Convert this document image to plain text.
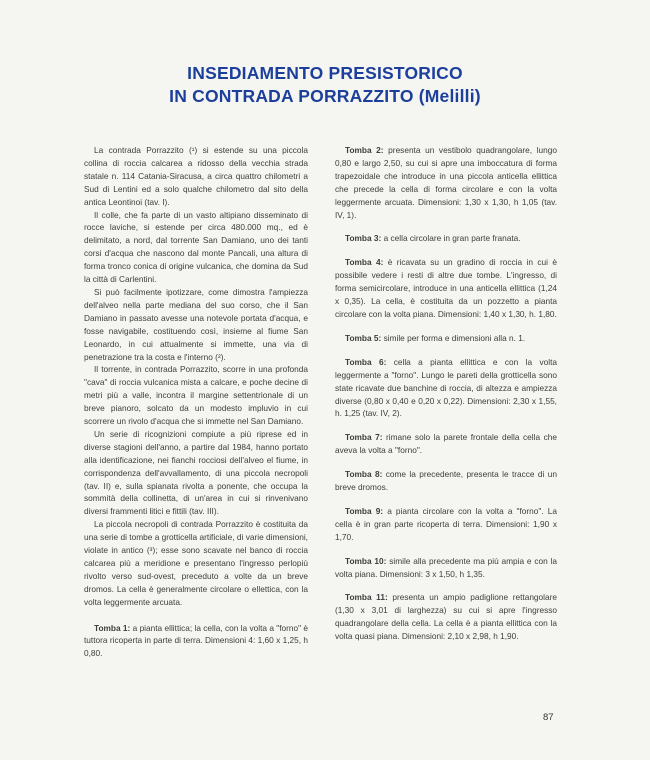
INSEDIAMENTO PRESISTORICO
IN CONTRADA PORRAZZITO (Melilli)

La contrada Porrazzito (¹) si estende su una piccola collina di roccia calcarea a ridosso della vecchia strada statale n. 114 Catania-Siracusa, a circa quattro chilometri a Sud di Lentini ed a solo qualche chilometro dal sito della antica Leontinoi (tav. I).

Il colle, che fa parte di un vasto altipiano disseminato di rocce laviche, si estende per circa 480.000 mq., ed è delimitato, a nord, dal torrente San Damiano, uno dei tanti corsi d'acqua che nascono dal monte Pancali, una altura di forma tronco conica di origine vulcanica, che domina da Sud la città di Carlentini.

Si può facilmente ipotizzare, come dimostra l'ampiezza dell'alveo nella parte mediana del suo corso, che il San Damiano in passato avesse una notevole portata d'acqua, e fosse navigabile, costituendo così, insieme al fiume San Leonardo, in cui attualmente si immette, una via di penetrazione tra la costa e l'interno (²).

Il torrente, in contrada Porrazzito, scorre in una profonda "cava" di roccia vulcanica mista a calcare, e poche decine di metri più a valle, incontra il margine settentrionale di un breve pianoro, solcato da un modesto impluvio in cui scorrere un rivolo d'acqua che si immette nel San Damiano.

Un serie di ricognizioni compiute a più riprese ed in diverse stagioni dell'anno, a partire dal 1984, hanno portato alla identificazione, nei fianchi rocciosi dell'alveo el fiume, in corrispondenza dell'avvallamento, di una piccola necropoli (tav. II) e, sulla spianata rivolta a ponente, che occupa la sommità della collinetta, di un'area in cui si rinvenivano diversi frammenti litici e fittili (tav. III).

La piccola necropoli di contrada Porrazzito è costituita da una serie di tombe a grotticella artificiale, di varie dimensioni, violate in antico (³); esse sono scavate nel banco di roccia calcarea più a meridione e presentano l'ingresso perlopiù rivolto verso sud-ovest, preceduto a volte da un breve dromos. La cella è generalmente circolare o ellettica, con la volta leggermente arcuata.

Tomba 1: a pianta ellittica; la cella, con la volta a "forno" è tuttora ricoperta in parte di terra. Dimensioni 4: 1,60 x 1,25, h 0,80.

Tomba 2: presenta un vestibolo quadrangolare, lungo 0,80 e largo 2,50, su cui si apre una imboccatura di forma trapezoidale che introduce in una piccola anticella ellittica che precede la cella di forma circolare e con la volta leggermente arcuata. Dimensioni: 1,30 x 1,30, h 1,05 (tav. IV, 1).

Tomba 3: a cella circolare in gran parte franata.

Tomba 4: è ricavata su un gradino di roccia in cui è possibile vedere i resti di altre due tombe. L'ingresso, di forma semicircolare, introduce in una anticella ellittica (1,24 x 0,35). La cella, è costituita da un pozzetto a pianta circolare con la volta piana. Dimensioni: 1,40 x 1,30, h. 1,80.

Tomba 5: simile per forma e dimensioni alla n. 1.

Tomba 6: cella a pianta ellittica e con la volta leggermente a "forno". Lungo le pareti della grotticella sono state ricavate due banchine di roccia, di altezza e ampiezza diverse (0,80 x 0,40 e 0,20 x 0,22). Dimensioni: 2,30 x 1,55, h. 1,25 (tav. IV, 2).

Tomba 7: rimane solo la parete frontale della cella che aveva la volta a "forno".

Tomba 8: come la precedente, presenta le tracce di un breve dromos.

Tomba 9: a pianta circolare con la volta a "forno". La cella è in gran parte ricoperta di terra. Dimensioni: 1,90 x 1,70.

Tomba 10: simile alla precedente ma più ampia e con la volta piana. Dimensioni: 3 x 1,50, h 1,35.

Tomba 11: presenta un ampio padiglione rettangolare (1,30 x 3,01 di larghezza) su cui si apre l'ingresso quadrangolare della cella. La cella è a pianta ellittica con la volta quasi piana. Dimensioni: 2,10 x 2,98, h 1,90.

87
